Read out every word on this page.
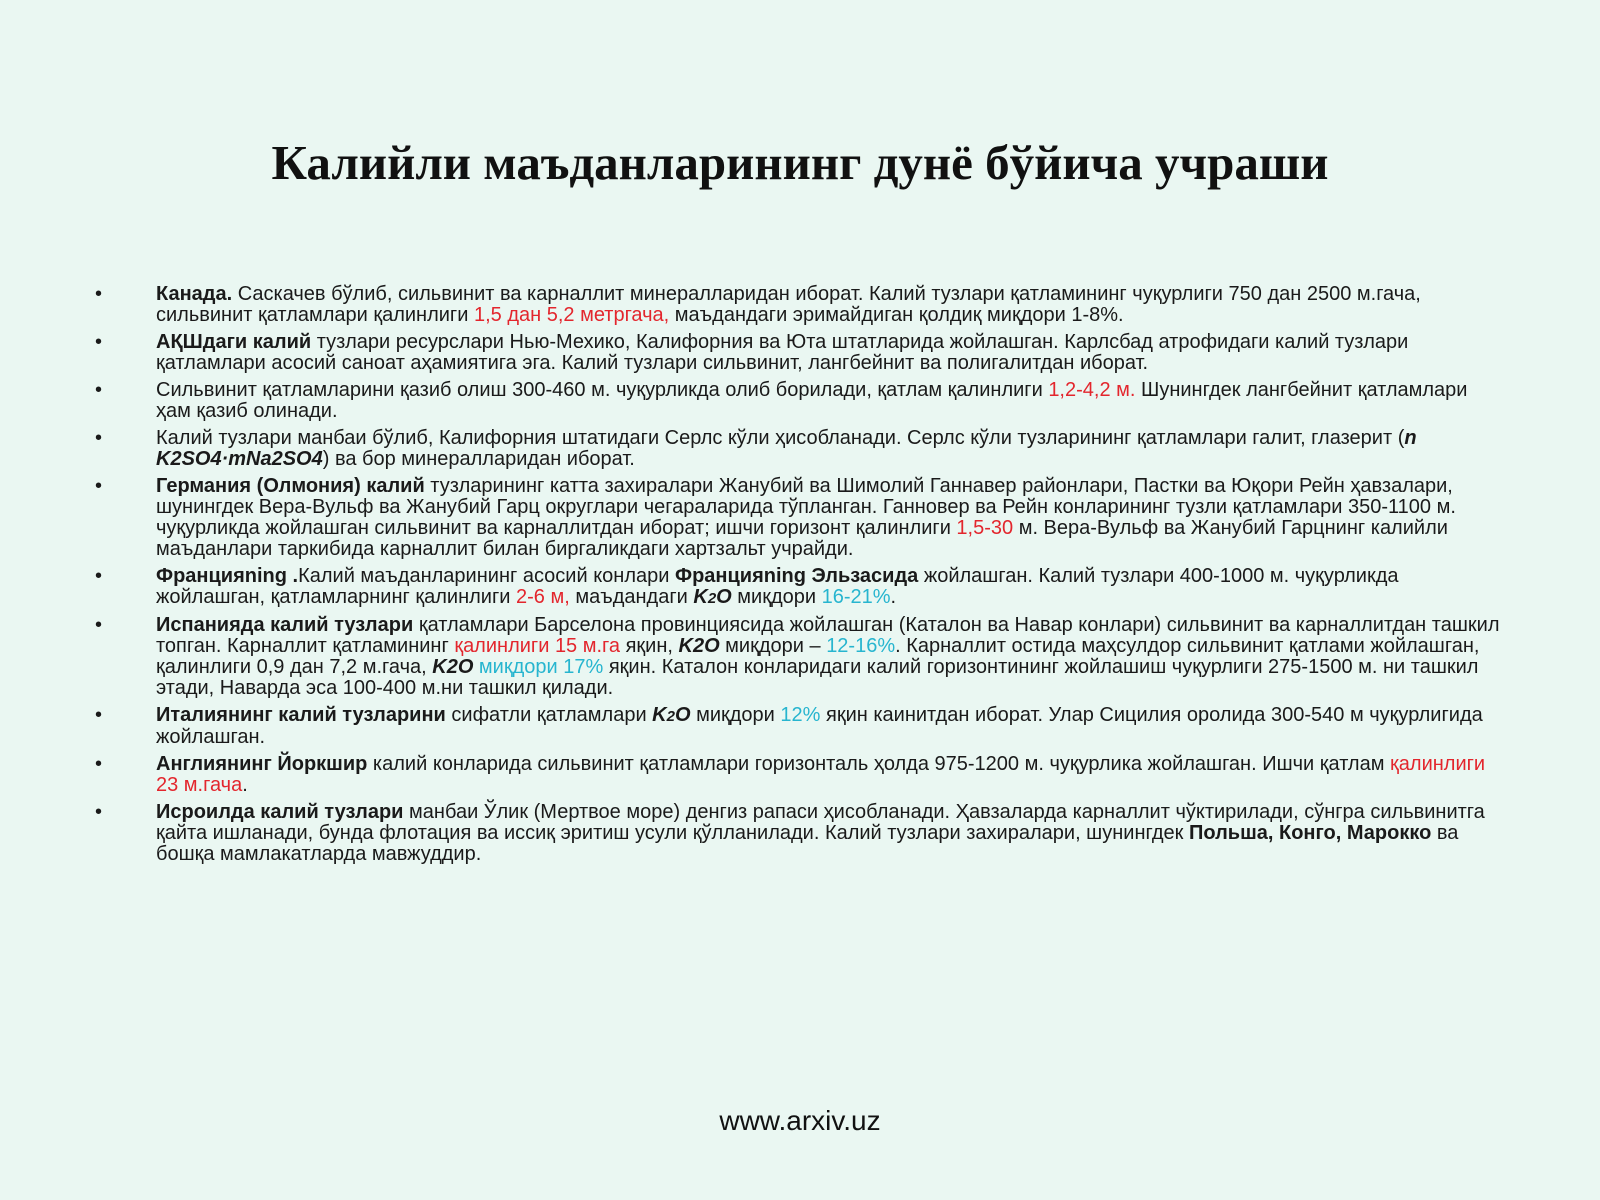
Калийли маъданларининг дунё бўйича учраши
•	Канада. Саскачев бўлиб, сильвинит ва карналлит минералларидан иборат. Калий тузлари қатламининг чуқурлиги 750 дан 2500 м.гача, сильвинит қатламлари қалинлиги 1,5 дан 5,2 метргача, маъдандаги эримайдиган қолдиқ миқдори 1-8%.
•	АҚШдаги калий тузлари ресурслари Нью-Мехико, Калифорния ва Юта штатларида жойлашган. Карлсбад атрофидаги калий тузлари қатламлари асосий саноат аҳамиятига эга. Калий тузлари сильвинит, лангбейнит ва полигалитдан иборат.
•	Сильвинит қатламларини қазиб олиш 300-460 м. чуқурликда олиб борилади, қатлам қалинлиги 1,2-4,2 м. Шунингдек лангбейнит қатламлари ҳам қазиб олинади.
•	Калий тузлари манбаи бўлиб, Калифорния штатидаги Серлс кўли ҳисобланади. Серлс кўли тузларининг қатламлари галит, глазерит (n K2SO4·mNa2SO4) ва бор минералларидан иборат.
•	Германия (Олмония) калий тузларининг катта захиралари Жанубий ва Шимолий Ганнавер районлари, Пастки ва Юқори Рейн ҳавзалари, шунингдек Вера-Вульф ва Жанубий Гарц округлари чегараларида тўпланган. Ганновер ва Рейн конларининг тузли қатламлари 350-1100 м. чуқурликда жойлашган сильвинит ва карналлитдан иборат; ишчи горизонт қалинлиги 1,5-30 м. Вера-Вульф ва Жанубий Гарцнинг калийли маъданлари таркибида карналлит билан биргаликдаги хартзальт учрайди.
•	Францияning .Калий маъданларининг асосий конлари Францияning Эльзасида жойлашган. Калий тузлари 400-1000 м. чуқурликда жойлашган, қатламларнинг қалинлиги 2-6 м, маъдандаги K2O миқдори 16-21%.
•	Испанияда калий тузлари қатламлари Барселона провинциясида жойлашган (Каталон ва Навар конлари) сильвинит ва карналлитдан ташкил топган. Карналлит қатламининг қалинлиги 15 м.га яқин, K2O миқдори – 12-16%. Карналлит остида маҳсулдор сильвинит қатлами жойлашган, қалинлиги 0,9 дан 7,2 м.гача, K2O миқдори 17% яқин. Каталон конларидаги калий горизонтининг жойлашиш чуқурлиги 275-1500 м. ни ташкил этади, Наварда эса 100-400 м.ни ташкил қилади.
•	Италиянинг калий тузларини сифатли қатламлари K2O миқдори 12% яқин каинитдан иборат. Улар Сицилия оролида 300-540 м чуқурлигида жойлашган.
•	Англиянинг Йоркшир калий конларида сильвинит қатламлари горизонталь ҳолда 975-1200 м. чуқурлика жойлашган. Ишчи қатлам қалинлиги 23 м.гача.
•	Исроилда калий тузлари манбаи Ўлик (Мертвое море) денгиз рапаси ҳисобланади. Ҳавзаларда карналлит чўктирилади, сўнгра сильвинитга қайта ишланади, бунда флотация ва иссиқ эритиш усули қўлланилади. Калий тузлари захиралари, шунингдек Польша, Конго, Марокко ва бошқа мамлакатларда мавжуддир.
www.arxiv.uz
